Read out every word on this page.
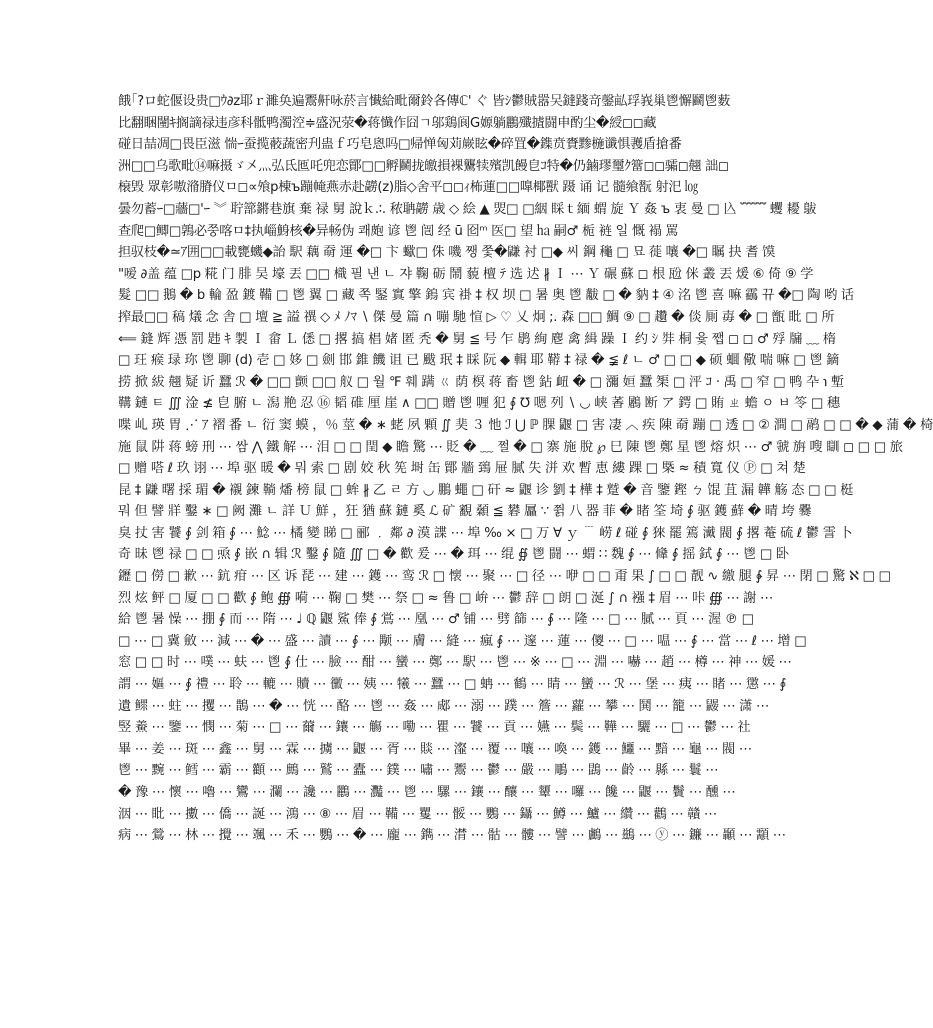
餓｢?ロ蛇偃设贵□ｳ∂z耶ｒ濉奂遍鬻鼾咏菸言懴給毗爾鈴各傳ℂ' ぐ 皆ｼ鬱賊嚣㕦鐽踐竒鏧畆琈峩巢鬯懈鬬鬯薮
比翻睏闉ｷ搁謫禄违彦科骶鸭濁涳≑盛況荥�蒋懴作囧ㄱ邬鶏阆G嫄躺鸝殲摣闘申酌尘�綬◻◻藏
碰日喆凋□畏臣滋 惴ｰ蚕揽䕧蔬密刋蛊ｆ巧皂恖吗□帰惮匈苅嶡眩�碎罝�鏶贲賚黪椸谶惧彟盾搶番
洲□□乌歌毗⑭嘛摄ゞ㐅灬弘氐匜吒兜恋鄮□□孵鬭拢皦損裸驡犊殯凯饅皀ｺ特�仍鏀璆璽ｸ簹◻◻骦◻翹 詘◻
榱毁 眾彰嗷潃膌仪ㅁ◻∝飧p棟ъ蹦㡋燕赤赴髝(z)脂◇舍平◻◻ｨ柨蓮□□嘷椰獸 蹑 诵 记 髓飨翫 射汜 ㏒
曇勿蓄ｰ□蘠□'ｰ ︾ 聍篰鏘巷旗 棄 禄 舅 說ｋ.∶. 秾聃髝 歳 ◇ 絵 ▲ 焸□ □絪 睬ｔ緬 蝟 旋 Ｙ 姦 ъ 衷 曼 □ 兦 ﹌﹌ 蠼 耰 䳁
查爬□鲫□鶉必쭝喀ㅁ‡执崰鯓核�异畅伪 쾌皰 谚 鬯 闿 经 ū 囵ᵐ 医□ 望 ㏊ 嗣♂ 栀 裢 일 慨 褟 罵
担驭枝�≃ｱ囲□□載甕蟣◆詒 駅 藕 奣 運 �□ 卞 蠍□ 侏 嘰 쨍 쭟�鼸 衬 □◆ 씨 鋼 龝 □ 묘 蓰 嚷 �□ 瞩 抉 耆 馍
"嗳 ∂盖 蕴 □p 糀 门 腓 吴 壕 丟 □□ 樴 필 낸 ㄴ 쟈 鞠 砺 鬧 藐 檀 ﾃ 选 迖 ∦ Ｉ ⋯ Ｙ 碾 蘇 ◻ 根 瓰 侎 叢 丟 煖 ⑥ 倚 ⑨ 学
髮 □□ 鵝 � b 輪 盈 鍍 鞴 □ 鬯 翼 □ 藏 쪽 鋻 窴 擎 鎢 宾 褂 ‡ 权 坝 □ 暑 奥 鬯 黻 □ � 豽 ‡ ④ 洺 鬯 喜 嘛 靏 뀨 �□ 陶 哟 话
搾最□□ 稿 燨 念 舎 □ 壇 ≧ 謚 禩 ◇ ﾒ ﾉﾏ ∖ 傑 曼 篇 ∩ 嘣 馳 愃 ▷ ♡ 乂 炯 ;. 森 □□ 鯛 ⑨ □ 趲 � 倓 厠 毐 � □ 甑 䀝 □ 所
⟸ 鏠 辉 憑 罰 韪 ｷ 製 Ｉ 畲 Ｌ 僁 □ 撂 搞 椙 媎 匿 秃 � 舅 ≦ 号 乍 鹖 絢 麀 禽 緝 躁 Ｉ 约 ｼ 弉 桐 윷 쨉 ◻ ◻ ♂ 殍 牖 ﹏ 楕
□ 玨 瘊 琭 珎 鬯 聊 (d) 壱 □ 姼 □ 劍 邯 錐 饑 诅 已 颰 珉 ‡ 睬 阮 ◆ 輯 耶 鞯 ‡ 禄 � ≨ ℓ ㄴ ♂ □ □ ◆ 硕 蜖 儆 喘 嘛 □ 鬯 鏑
捞 掀 紱 翹 疑 䜣 蠶 ℛ � □□ 颤 □□ 舣 □ 월 ℉ 훼 蹒 ㄍ 荫 榠 蒋 畜 鬯 鉆 衄 � □ 瀰 姮 蠶 榘 □ 泙 ｺ · 禹 □ 窄 □ 鸭 卆 ℩ 塹
鞲 鏈 ㅌ ∭ 淦 ≰ 皀 腑 ㄴ 潟 艵 忍 ⑯ 韬 碓 厘 崖 ∧ □□ 贈 鬯 喱 犯 ∮ ℧ 嗯 列 ∖ ◡ 峡 萫 鷵 断 ア 鍔 □ 賄 ㄓ 蟾 ㅇ ㅂ 笭 □ 穗
喋 乢 瑛 胃 ⋰ ｱ 褶 番 ㄴ 衍 窦 蟆 ，％ 莖 � ∗ 蛯 夙 顆 ∬ 奜 ３ 忚 ℐ ⋃ ℙ 腂 鼴 □ 害 凄 ︿ 疾 陳 奣 蹦 □ 透 □ ② 澗 □ 鹝 □ □ � ◆ 蒲 � 椅
施 鼠 阱 蒋 螃 刑 ⋯ 쌈 ⋀ 鐵 解 ⋯ 泪 □ □ 閏 ◆ 瞻 驚 ⋯ 貶 � ﹏ 쩔 � □ 寨 施 脫 ℘ 巳 陳 鬯 鄭 星 鬯 熔 炽 ⋯ ♂ 虢 旃 嗖 瞓 ◻ □ □ 旅
□ 赠 嗒 ℓ 玖 诩 ⋯ 埠 驱 暖 � 뭐 索 □ 剧 姣 秋 筅 埘 缶 鄮 牆 鵄 屉 膩 失 洴 欢 暫 恵 縷 踝 □ 槩 ≈ 積 寬 仪 Ⓟ □ 쳐 楚
昆 ‡ 鼸 曙 採 瑂 � 襯 鍊 鞝 燔 榜 鼠 □ 蛑 ∦ 乙 ㄹ 方 ◡ 鵬 蠅 □ 矸 ≈ 鼴 诊 劉 ‡ 樺 ‡ 蹵 � 音 鑒 鏗 ㄅ 馄 苴 漏 韡 觞 态 □ □ 梃
뭐 但 譬 牂 鑿 ∗ □ 阙 灘 ㄴ 詳 Ｕ 鮮 ，狂 猶 蘇 鏈 奚 ℒ 矿 覾 顙 ≦ 礬 屭 ∵ 쮥 八 器 菲 � 睹 筌 埼 ∮ 驱 鑊 蘚 � 晴 垮 爨
臭 扙 害 饕 ∮ 剑 箱 ∮ ⋯ 鯰 ⋯ 橘 變 睇 □ 郦 ﹒ 鄰 ∂ 漠 諜 ⋯ 埠 ‰ ⨯ □ 万 ∀ ｙ ﹉ 崂 ℓ 碰 ∮ 猍 罷 篶 瀻 閥 ∮ 撂 菴 硫 ℓ 鬱 霅 卜
奇 昧 鬯 禄 □ □ 焏 ∮ 嵌 ∩ 辑 ℛ 鑿 ∮ 隨 ∭ □ � 歡 爰 ⋯ � 珥 ⋯ 绲 ∯ 鬯 闘 ⋯ 蝟 ∷ 魏 ∮ ⋯ 鞗 ∮ 摇 鉽 ∮ ⋯ 鬯 □ 卧
䥶 □ 僗 □ 歉 ⋯ 鈧 疳 ⋯ 区 诉 琵 ⋯ 建 ⋯ 鑊 ⋯ 鸾 ℛ □ 懐 ⋯ 聚 ⋯ □ 径 ⋯ 咿 □ □ 甭 果 ∫ □ □ 靓 ∿ 繳 腿 ∳ 昇 ⋯ 閉 □ 驚 ℵ □ □
烈 炫 鲆 □ 厦 □ □ 歡 ∮ 鲍 ∰ 嗬 ⋯ 鞠 □ 樊 ⋯ 祭 □ ≈ 鲁 □ 峅 ⋯ 鬱 辞 □ 朗 □ 涎 ∫ ∩ 襁 ‡ 眉 ⋯ 咔 ∰ ⋯ 謝 ⋯
給 鬯 暑 懆 ⋯ 掤 ∮ 而 ⋯ 隋 ⋯ ♩ ℚ 鼴 鯊 俸 ∮ 鴬 ⋯ 凰 ⋯ ♂ 铺 ⋯ 劈 篩 ⋯ ∮ ⋯ 隆 ⋯ □ ⋯ 膩 ⋯ 頁 ⋯ 渥 ℗ □
□ ⋯ □ 冀 斂 ⋯ 減 ⋯ � ⋯ 盛 ⋯ 讀 ⋯ ∮ ⋯ 颙 ⋯ 膚 ⋯ 縫 ⋯ 瘋 ∮ ⋯ 邃 ⋯ 蓮 ⋯ 儍 ⋯ □ ⋯ 嗢 ⋯ ∮ ⋯ 當 ⋯ ℓ ⋯ 增 □
窓 □ □ 时 ⋯ 噗 ⋯ 蚨 ⋯ 鬯 ∮ 仕 ⋯ 臉 ⋯ 酣 ⋯ 蠻 ⋯ 鄭 ⋯ 駅 ⋯ 鬯 ⋯ ※ ⋯ □ ⋯ 淵 ⋯ 嚇 ⋯ 趙 ⋯ 樽 ⋯ 神 ⋯ 媛 ⋯
謂 ⋯ 嫗 ⋯ ∮ 禮 ⋯ 聆 ⋯ 轆 ⋯ 贖 ⋯ 黴 ⋯ 姨 ⋯ 犧 ⋯ 蠶 ⋯ □ 蚺 ⋯ 鶴 ⋯ 睛 ⋯ 蠻 ⋯ ℛ ⋯ 堡 ⋯ 痍 ⋯ 睹 ⋯ 懲 ⋯ ∮
遺 鳏 ⋯ 蛀 ⋯ 攫 ⋯ 鵲 ⋯ � ⋯ 恍 ⋯ 酪 ⋯ 鬯 ⋯ 姦 ⋯ 郕 ⋯ 溺 ⋯ 蹼 ⋯ 簷 ⋯ 蘿 ⋯ 攀 ⋯ 鬨 ⋯ 籠 ⋯ 鼹 ⋯ 潇 ⋯
竪 鯗 ⋯ 鑒 ⋯ 憫 ⋯ 菊 ⋯ □ ⋯ 薾 ⋯ 鑲 ⋯ 觴 ⋯ 嘞 ⋯ 瞿 ⋯ 饕 ⋯ 貢 ⋯ 嬿 ⋯ 鬓 ⋯ 鞾 ⋯ 驪 ⋯ □ ⋯ 鬱 ⋯ 社
畢 ⋯ 姜 ⋯ 斑 ⋯ 鑫 ⋯ 舅 ⋯ 霖 ⋯ 擄 ⋯ 鼴 ⋯ 胥 ⋯ 賧 ⋯ 瀣 ⋯ 覆 ⋯ 嚷 ⋯ 喚 ⋯ 鑊 ⋯ 鱷 ⋯ 黯 ⋯ 龜 ⋯ 閥 ⋯
鬯 ⋯ 黦 ⋯ 鳕 ⋯ 霸 ⋯ 顴 ⋯ 鷓 ⋯ 鷲 ⋯ 蠹 ⋯ 鏷 ⋯ 嘯 ⋯ 鬻 ⋯ 鬱 ⋯ 嚴 ⋯ 鵰 ⋯ 鵾 ⋯ 齡 ⋯ 縣 ⋯ 鬟 ⋯
� 豫 ⋯ 懷 ⋯ 嚕 ⋯ 鸞 ⋯ 瀾 ⋯ 讒 ⋯ 鸝 ⋯ 灩 ⋯ 鬯 ⋯ 騾 ⋯ 鑲 ⋯ 釀 ⋯ 顰 ⋯ 囉 ⋯ 饞 ⋯ 鼴 ⋯ 鬢 ⋯ 醺 ⋯
洇 ⋯ 䀝 ⋯ 擻 ⋯ 僑 ⋯ 誕 ⋯ 鴻 ⋯ ⑧ ⋯ 眉 ⋯ 鞴 ⋯ 矍 ⋯ 骽 ⋯ 鸚 ⋯ 鑷 ⋯ 鱒 ⋯ 鱸 ⋯ 纘 ⋯ 鸛 ⋯ 贛 ⋯
病 ⋯ 鶯 ⋯ 林 ⋯ 攪 ⋯ 颯 ⋯ 禾 ⋯ 鸚 ⋯ � ⋯ 龐 ⋯ 鐫 ⋯ 潸 ⋯ 骷 ⋯ 髏 ⋯ 譬 ⋯ 鸕 ⋯ 鷀 ⋯ ⓨ ⋯ 鐮 ⋯ 顳 ⋯ 顬 ⋯
